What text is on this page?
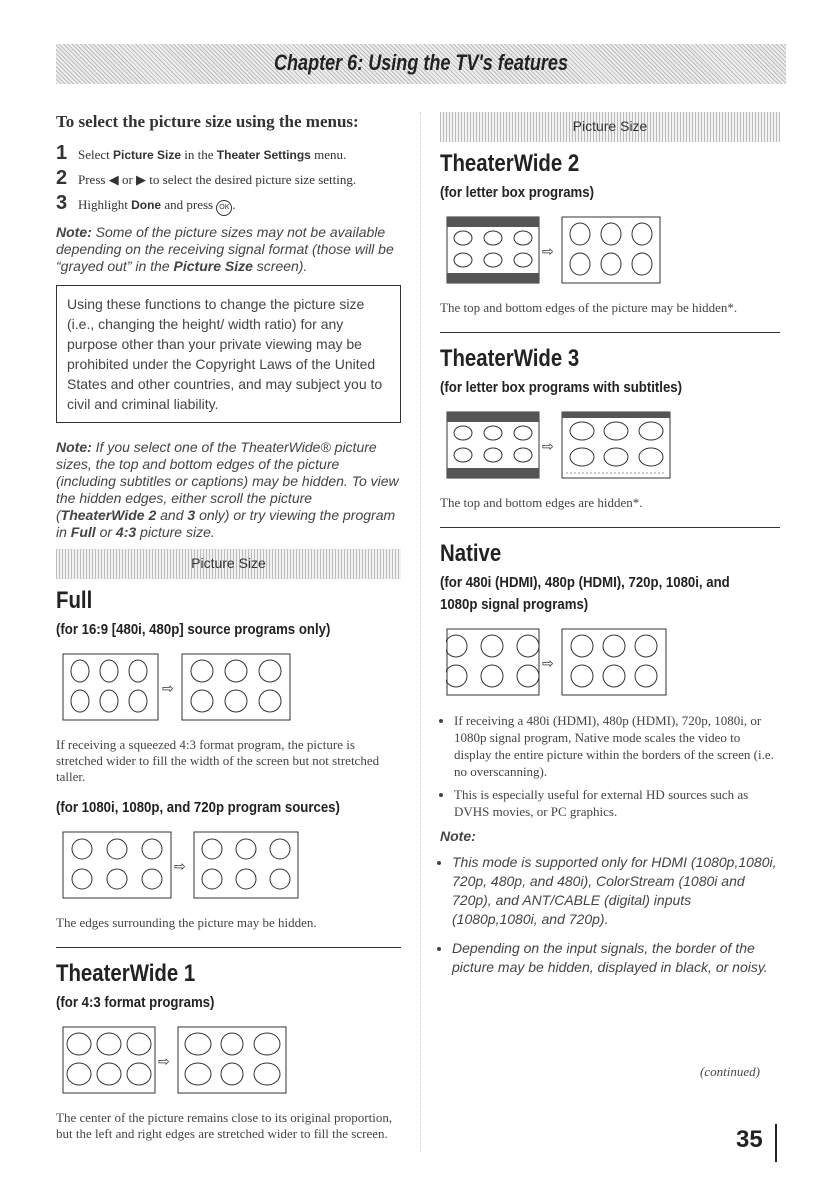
Chapter 6: Using the TV's features
To select the picture size using the menus:
1 Select Picture Size in the Theater Settings menu.
2 Press ◀ or ▶ to select the desired picture size setting.
3 Highlight Done and press OK .
Note: Some of the picture sizes may not be available depending on the receiving signal format (those will be “grayed out” in the Picture Size screen).
Using these functions to change the picture size (i.e., changing the height/ width ratio) for any purpose other than your private viewing may be prohibited under the Copyright Laws of the United States and other countries, and may subject you to civil and criminal liability.
Note: If you select one of the TheaterWide® picture sizes, the top and bottom edges of the picture (including subtitles or captions) may be hidden. To view the hidden edges, either scroll the picture (TheaterWide 2 and 3 only) or try viewing the program in Full or 4:3 picture size.
Picture Size
Full
(for 16:9 [480i, 480p] source programs only)
⇨
If receiving a squeezed 4:3 format program, the picture is stretched wider to fill the width of the screen but not stretched taller.
(for 1080i, 1080p, and 720p program sources)
⇨
The edges surrounding the picture may be hidden.
TheaterWide 1
(for 4:3 format programs)
⇨
The center of the picture remains close to its original proportion, but the left and right edges are stretched wider to fill the screen.
Picture Size
TheaterWide 2
(for letter box programs)
⇨
The top and bottom edges of the picture may be hidden*.
TheaterWide 3
(for letter box programs with subtitles)
⇨
The top and bottom edges are hidden*.
Native
(for 480i (HDMI), 480p (HDMI), 720p, 1080i, and 1080p signal programs)
⇨
• If receiving a 480i (HDMI), 480p (HDMI), 720p, 1080i, or 1080p signal program, Native mode scales the video to display the entire picture within the borders of the screen (i.e. no overscanning).
• This is especially useful for external HD sources such as DVHS movies, or PC graphics.
Note:
• This mode is supported only for HDMI (1080p,1080i, 720p, 480p, and 480i), ColorStream (1080i and 720p), and ANT/CABLE (digital) inputs (1080p,1080i, and 720p).
• Depending on the input signals, the border of the picture may be hidden, displayed in black, or noisy.
(continued)
35
